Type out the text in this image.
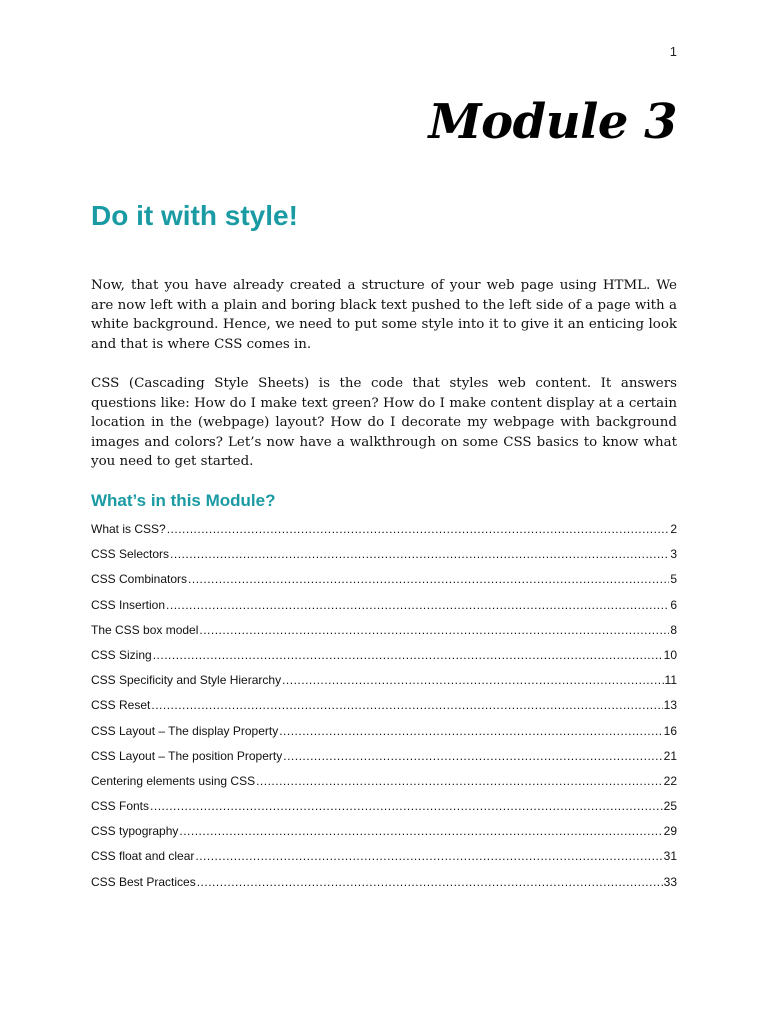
1
Module 3
Do it with style!

Now, that you have already created a structure of your web page using HTML. We are now left with a plain and boring black text pushed to the left side of a page with a white background. Hence, we need to put some style into it to give it an enticing look and that is where CSS comes in.

CSS (Cascading Style Sheets) is the code that styles web content. It answers questions like: How do I make text green? How do I make content display at a certain location in the (webpage) layout? How do I decorate my webpage with background images and colors? Let’s now have a walkthrough on some CSS basics to know what you need to get started.

What’s in this Module?
What is CSS? .....	2
CSS Selectors .....	3
CSS Combinators .....	5
CSS Insertion .....	6
The CSS box model .....	8
CSS Sizing .....	10
CSS Specificity and Style Hierarchy .....	11
CSS Reset .....	13
CSS Layout – The display Property .....	16
CSS Layout – The position Property .....	21
Centering elements using CSS .....	22
CSS Fonts .....	25
CSS typography .....	29
CSS float and clear .....	31
CSS Best Practices .....	33
